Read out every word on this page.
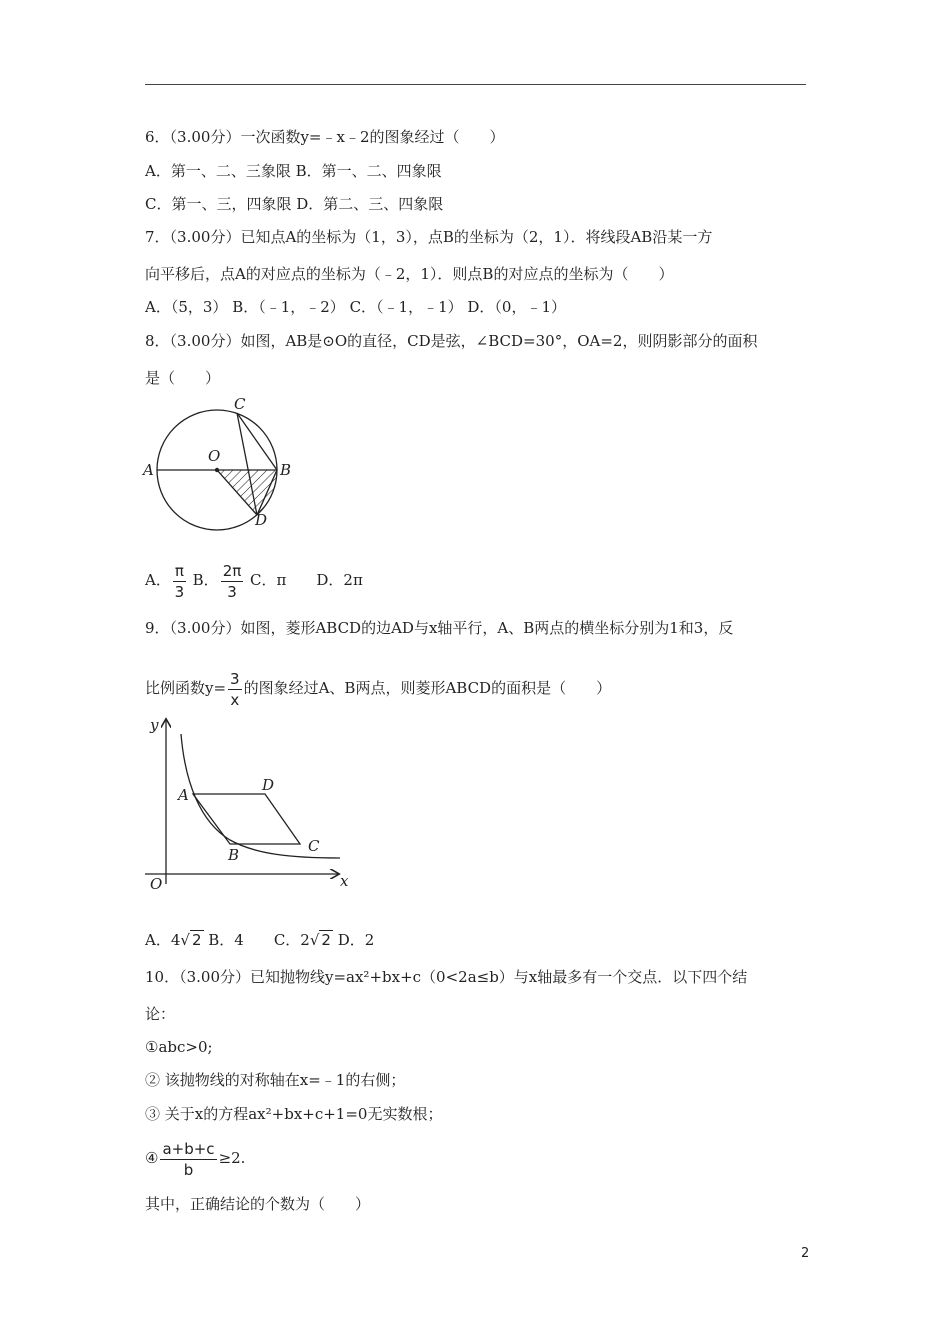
6．（3.00分）一次函数y=﹣x﹣2的图象经过（　　）
A．第一、二、三象限 B．第一、二、四象限
C．第一、三，四象限 D．第二、三、四象限
7．（3.00分）已知点A的坐标为（1，3），点B的坐标为（2，1）．将线段AB沿某一方
向平移后，点A的对应点的坐标为（﹣2，1）．则点B的对应点的坐标为（　　）
A．（5，3） B．（﹣1，﹣2） C．（﹣1，﹣1） D．（0，﹣1）
8．（3.00分）如图，AB是⊙O的直径，CD是弦，∠BCD=30°，OA=2，则阴影部分的面积
是（　　）
A
O
B
C
D
A． $\frac{\pi}{3}$ B． $\frac{2\pi}{3}$ C．π　　D．2π
9．（3.00分）如图，菱形ABCD的边AD与x轴平行，A、B两点的横坐标分别为1和3，反
比例函数$y= \frac{3}{x}$ 的图象经过A、B两点，则菱形ABCD的面积是（　　）
y
x
O
A
B	C
D
A．4√ 2 B．4　　C．2√ 2 D．2
10．（3.00分）已知抛物线y=ax²+bx+c（0<2a≤b）与x轴最多有一个交点．以下四个结
论：
①abc>0;
② 该抛物线的对称轴在x=﹣1的右侧；
③ 关于x的方程ax²+bx+c+1=0无实数根；
④ $\frac{a+b+c}{b} \ge 2$.
其中，正确结论的个数为（　　）
2
